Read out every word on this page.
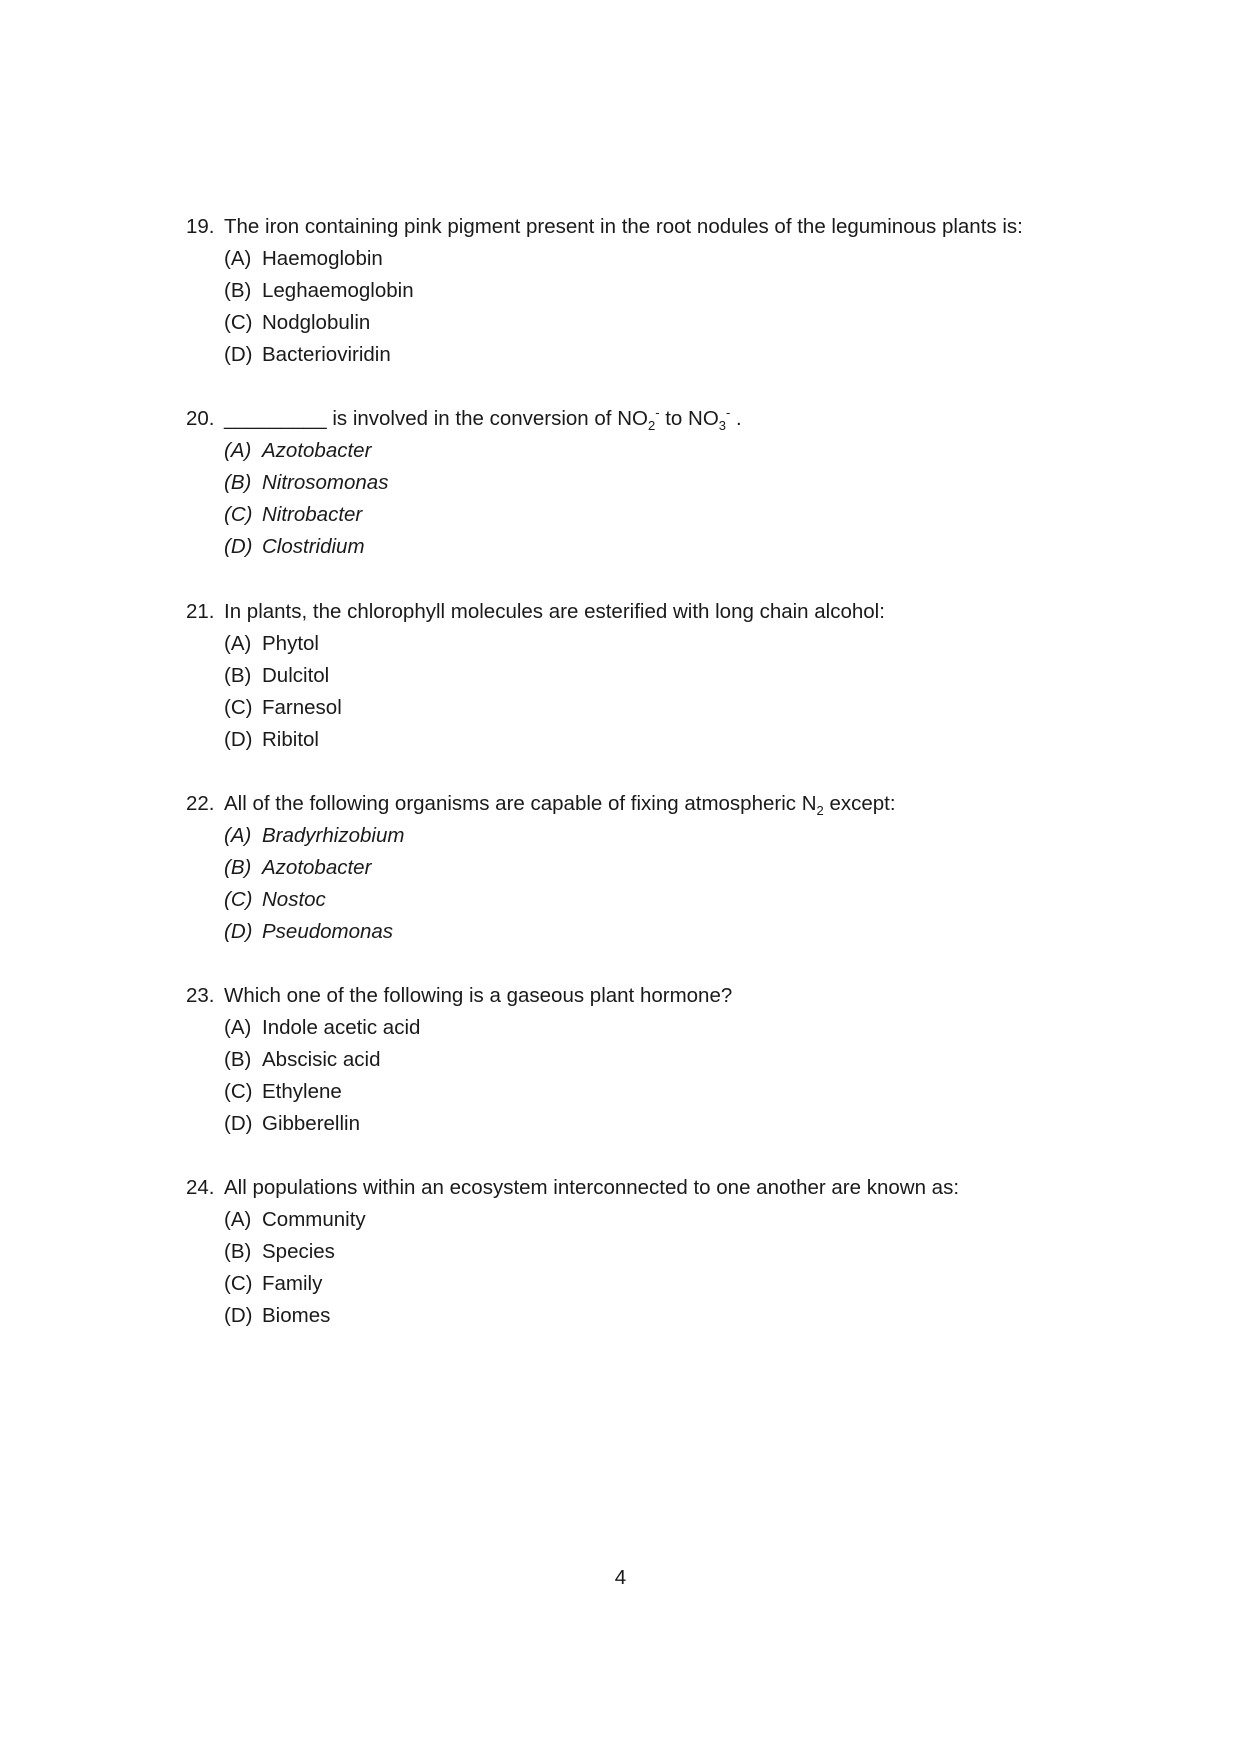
19. The iron containing pink pigment present in the root nodules of the leguminous plants is:
(A) Haemoglobin
(B) Leghaemoglobin
(C) Nodglobulin
(D) Bacterioviridin
20. _________ is involved in the conversion of $NO_2^-$ to $NO_3^-$ .
(A) Azotobacter
(B) Nitrosomonas
(C) Nitrobacter
(D) Clostridium
21. In plants, the chlorophyll molecules are esterified with long chain alcohol:
(A) Phytol
(B) Dulcitol
(C) Farnesol
(D) Ribitol
22. All of the following organisms are capable of fixing atmospheric $N_2$ except:
(A) Bradyrhizobium
(B) Azotobacter
(C) Nostoc
(D) Pseudomonas
23. Which one of the following is a gaseous plant hormone?
(A) Indole acetic acid
(B) Abscisic acid
(C) Ethylene
(D) Gibberellin
24. All populations within an ecosystem interconnected to one another are known as:
(A) Community
(B) Species
(C) Family
(D) Biomes
4
